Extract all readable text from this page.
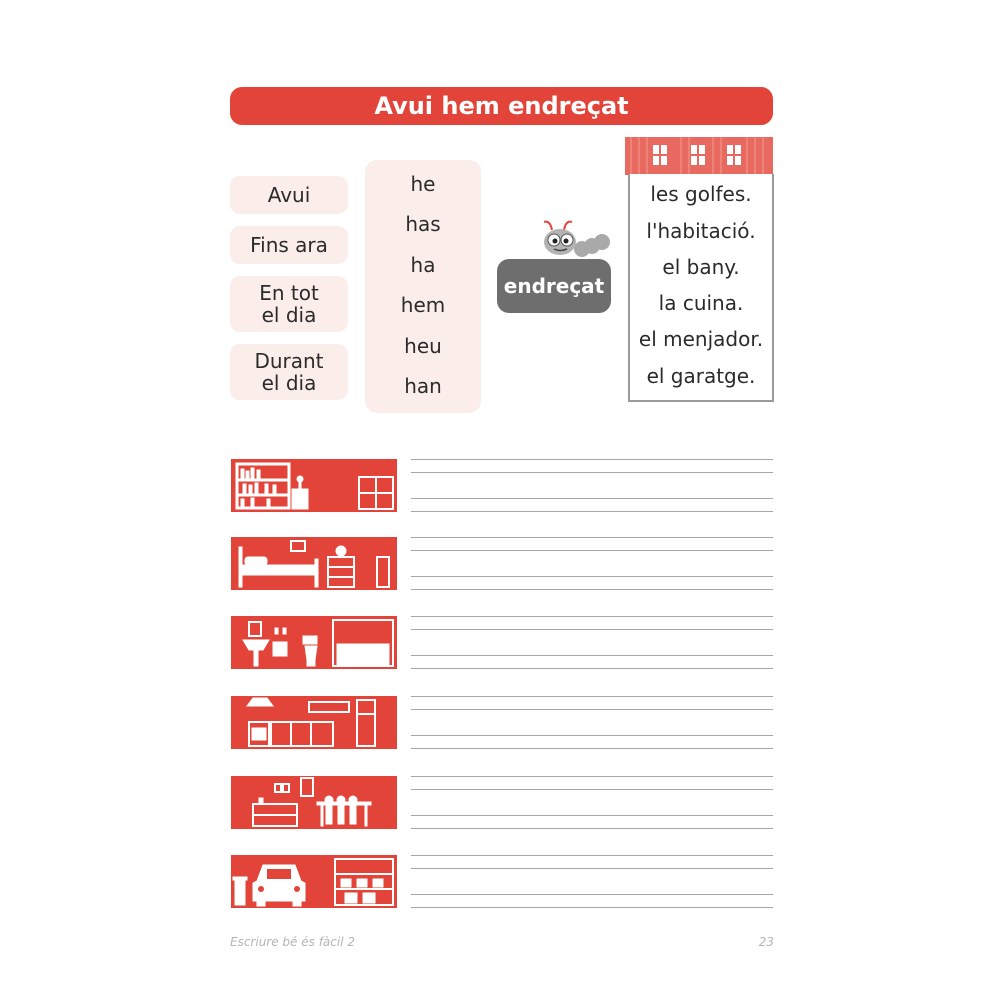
Avui hem endreçat
Avui
Fins ara
En tot
el dia
Durant
el dia
he
has
ha
hem
heu
han
endreçat
les golfes.
l'habitació.
el bany.
la cuina.
el menjador.
el garatge.
Escriure bé és fàcil 2	23
